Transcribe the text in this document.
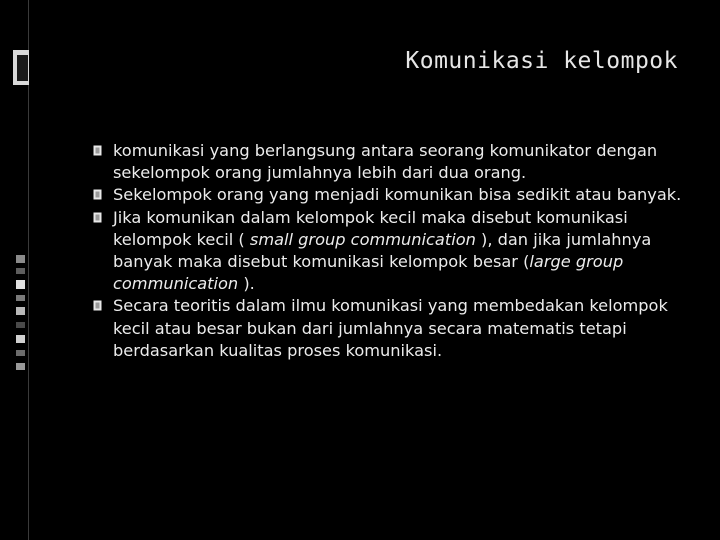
Komunikasi kelompok
komunikasi yang berlangsung antara seorang komunikator dengan sekelompok orang jumlahnya lebih dari dua orang.
Sekelompok orang yang menjadi komunikan bisa sedikit atau banyak.
Jika komunikan dalam kelompok kecil maka disebut komunikasi kelompok kecil ( small group communication ), dan jika jumlahnya banyak maka disebut komunikasi kelompok besar (large group communication ).
Secara teoritis dalam ilmu komunikasi yang membedakan kelompok kecil atau besar bukan dari jumlahnya secara matematis tetapi berdasarkan kualitas proses komunikasi.
